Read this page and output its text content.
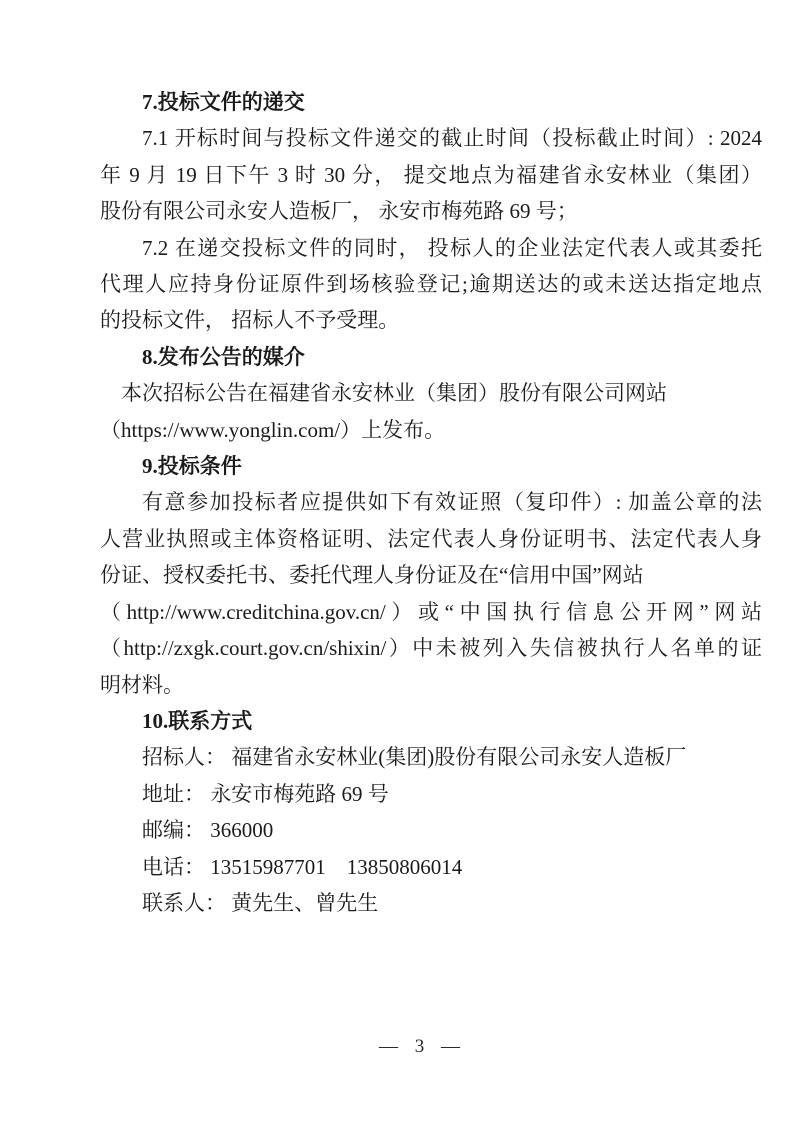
7.投标文件的递交

7.1 开标时间与投标文件递交的截止时间（投标截止时间）: 2024

年 9 月 19 日下午 3 时 30 分， 提交地点为福建省永安林业（集团）

股份有限公司永安人造板厂， 永安市梅苑路 69 号；

7.2 在递交投标文件的同时， 投标人的企业法定代表人或其委托

代理人应持身份证原件到场核验登记;逾期送达的或未送达指定地点

的投标文件， 招标人不予受理。

8.发布公告的媒介

本次招标公告在福建省永安林业（集团）股份有限公司网站

（https://www.yonglin.com/）上发布。

9.投标条件

有意参加投标者应提供如下有效证照（复印件）: 加盖公章的法

人营业执照或主体资格证明、法定代表人身份证明书、法定代表人身

份证、授权委托书、委托代理人身份证及在“信用中国”网站

（http://www.creditchina.gov.cn/）或“中国执行信息公开网”网站

（http://zxgk.court.gov.cn/shixin/）中未被列入失信被执行人名单的证

明材料。

10.联系方式

招标人： 福建省永安林业(集团)股份有限公司永安人造板厂

地址： 永安市梅苑路 69 号

邮编： 366000

电话： 13515987701    13850806014

联系人： 黄先生、曾先生

— 3 —
